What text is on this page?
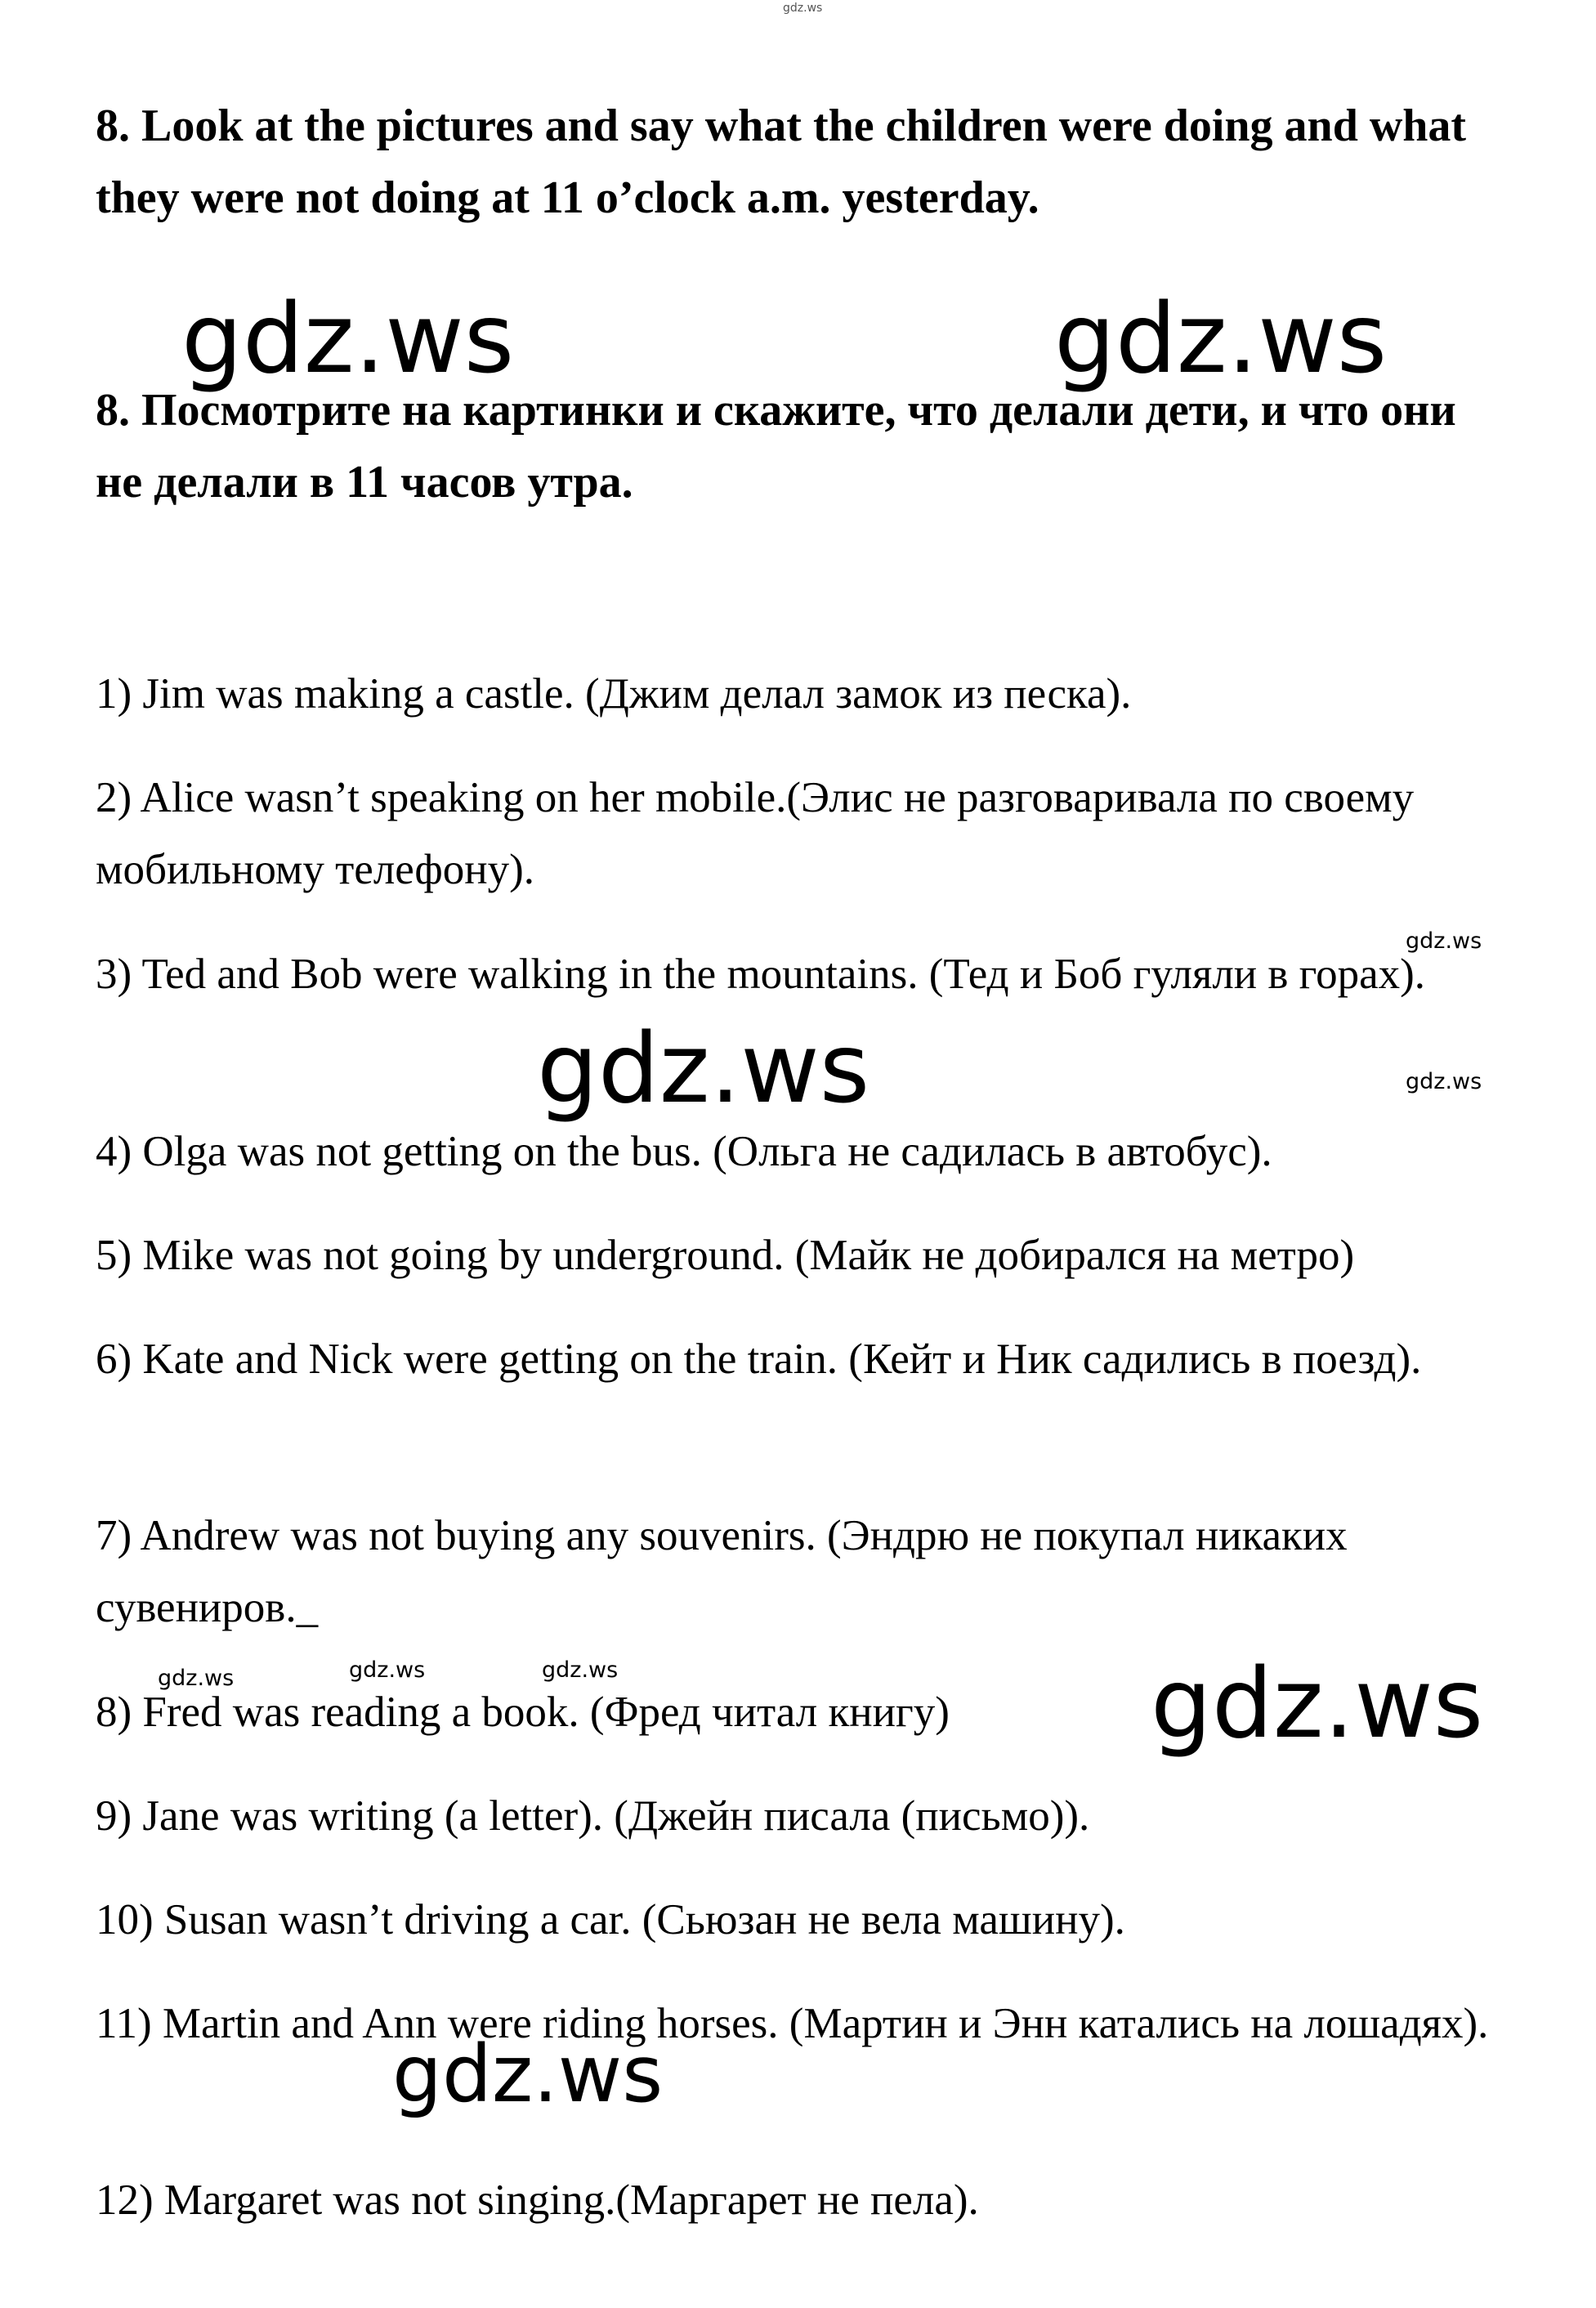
gdz.ws

8. Look at the pictures and say what the children were doing and what they were not doing at 11 o’clock a.m. yesterday.

gdz.ws	gdz.ws

8. Посмотрите на картинки и скажите, что делали дети, и что они не делали в 11 часов утра.

1) Jim was making a castle. (Джим делал замок из песка).
2) Alice wasn’t speaking on her mobile.(Элис не разговаривала по своему мобильному телефону).
3) Ted and Bob were walking in the mountains. (Тед и Боб гуляли в горах).
4) Olga was not getting on the bus. (Ольга не садилась в автобус).
5) Mike was not going by underground. (Майк не добирался на метро)
6) Kate and Nick were getting on the train. (Кейт и Ник садились в поезд).
7) Andrew was not buying any souvenirs. (Эндрю не покупал никаких сувениров._
8) Fred was reading a book. (Фред читал книгу)
9) Jane was writing (a letter). (Джейн писала (письмо)).
10) Susan wasn’t driving a car. (Сьюзан не вела машину).
11) Martin and Ann were riding horses. (Мартин и Энн катались на лошадях).
12) Margaret was not singing.(Маргарет не пела).
gdz.ws
gdz.ws	gdz.ws
gdz.ws	gdz.ws	gdz.ws	gdz.ws
gdz.ws
